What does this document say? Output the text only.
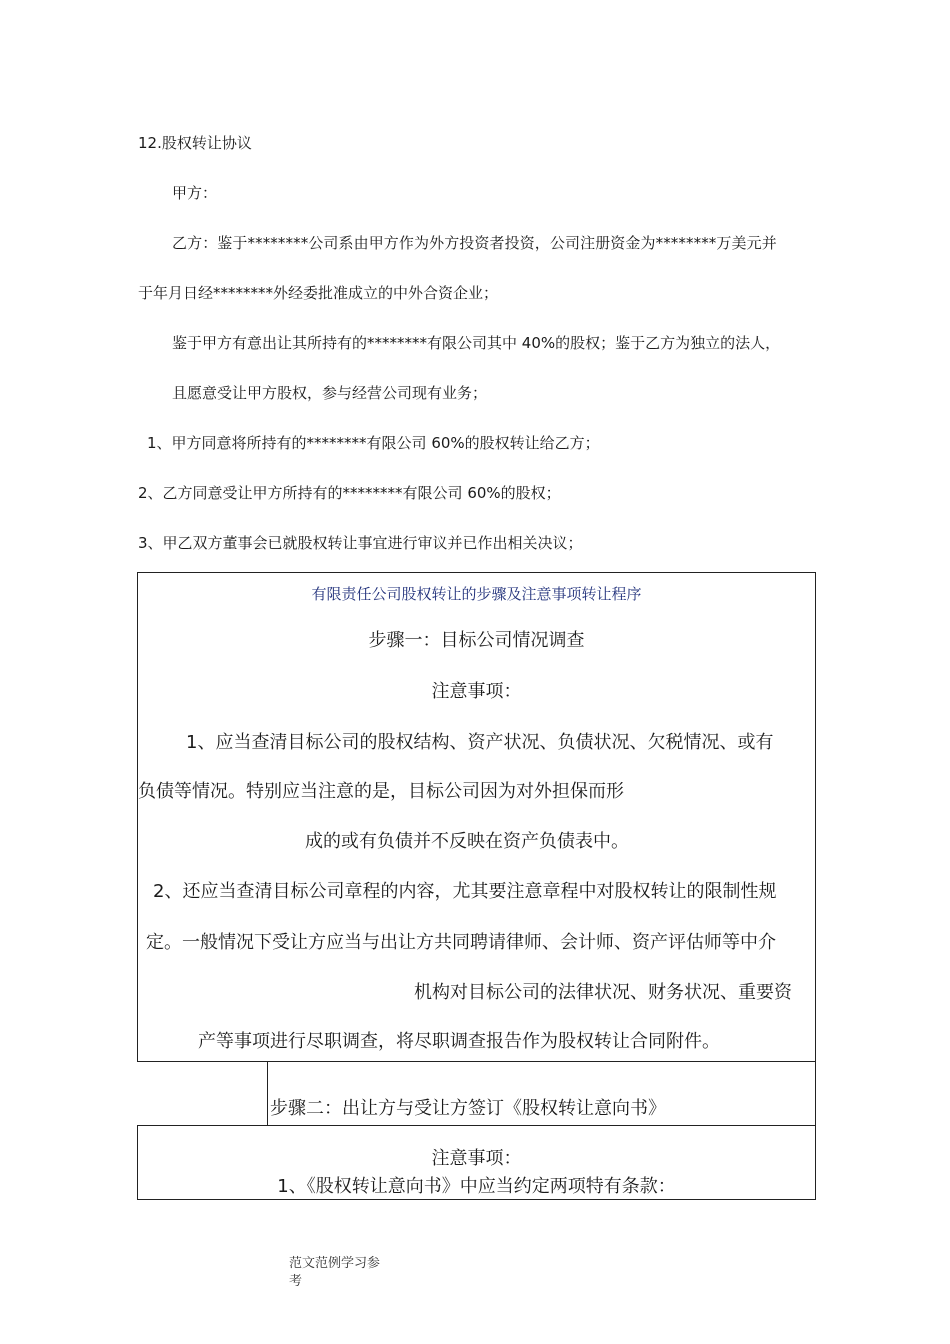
12.股权转让协议
甲方：
乙方：鉴于********公司系由甲方作为外方投资者投资，公司注册资金为********万美元并
于年月日经********外经委批准成立的中外合资企业；
鉴于甲方有意出让其所持有的********有限公司其中 40%的股权；鉴于乙方为独立的法人，
且愿意受让甲方股权，参与经营公司现有业务；
1、甲方同意将所持有的********有限公司 60%的股权转让给乙方；
2、乙方同意受让甲方所持有的********有限公司 60%的股权；
3、甲乙双方董事会已就股权转让事宜进行审议并已作出相关决议；
有限责任公司股权转让的步骤及注意事项转让程序
步骤一：目标公司情况调查
注意事项：
1、应当查清目标公司的股权结构、资产状况、负债状况、欠税情况、或有
负债等情况。特别应当注意的是，目标公司因为对外担保而形
成的或有负债并不反映在资产负债表中。
2、还应当查清目标公司章程的内容，尤其要注意章程中对股权转让的限制性规
定。一般情况下受让方应当与出让方共同聘请律师、会计师、资产评估师等中介
机构对目标公司的法律状况、财务状况、重要资
产等事项进行尽职调查，将尽职调查报告作为股权转让合同附件。
步骤二：出让方与受让方签订《股权转让意向书》
注意事项：
1、《股权转让意向书》中应当约定两项特有条款：
范文范例学习参
考
